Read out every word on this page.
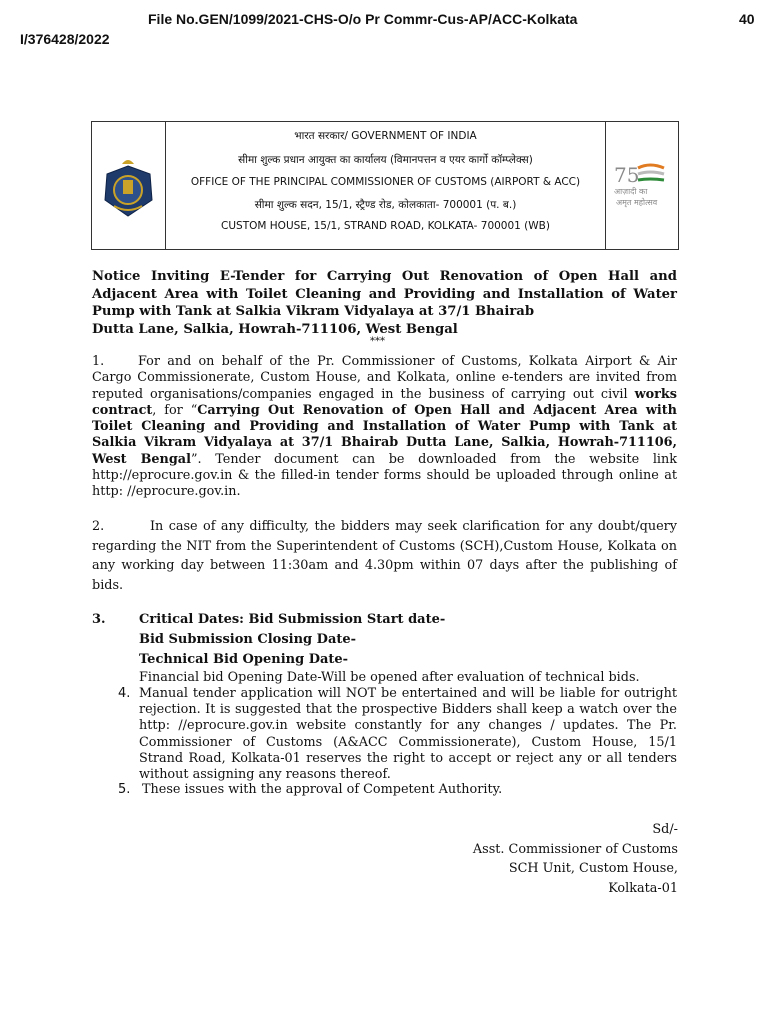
File No.GEN/1099/2021-CHS-O/o Pr Commr-Cus-AP/ACC-Kolkata	40
I/376428/2022
भारत सरकार/ GOVERNMENT OF INDIA
सीमा शुल्क प्रधान आयुक्त का कार्यालय (विमानपत्तन व एयर कार्गो कॉम्प्लेक्स)
OFFICE OF THE PRINCIPAL COMMISSIONER OF CUSTOMS (AIRPORT & ACC)
सीमा शुल्क सदन, 15/1, स्ट्रैण्ड रोड, कोलकाता- 700001 (प. ब.)
CUSTOM HOUSE, 15/1, STRAND ROAD, KOLKATA- 700001 (WB)
75
आज़ादी का
अमृत महोत्सव
Notice Inviting E-Tender for Carrying Out Renovation of Open Hall and Adjacent Area with Toilet Cleaning and Providing and Installation of Water Pump with Tank at Salkia Vikram Vidyalaya at 37/1 Bhairab
Dutta Lane, Salkia, Howrah-711106, West Bengal
***
1.	For and on behalf of the Pr. Commissioner of Customs, Kolkata Airport & Air Cargo Commissionerate, Custom House, and Kolkata, online e-tenders are invited from reputed organisations/companies engaged in the business of carrying out civil works contract, for “Carrying Out Renovation of Open Hall and Adjacent Area with Toilet Cleaning and Providing and Installation of Water Pump with Tank at Salkia Vikram Vidyalaya at 37/1 Bhairab Dutta Lane, Salkia, Howrah-711106, West Bengal”. Tender document can be downloaded from the website link http://eprocure.gov.in & the filled-in tender forms should be uploaded through online at http: //eprocure.gov.in.
2.	In case of any difficulty, the bidders may seek clarification for any doubt/query regarding the NIT from the Superintendent of Customs (SCH),Custom House, Kolkata on any working day between 11:30am and 4.30pm within 07 days after the publishing of bids.
3.	Critical Dates: Bid Submission Start date-
Bid Submission Closing Date-
Technical Bid Opening Date-
Financial bid Opening Date-Will be opened after evaluation of technical bids.
4. Manual tender application will NOT be entertained and will be liable for outright rejection. It is suggested that the prospective Bidders shall keep a watch over the http: //eprocure.gov.in website constantly for any changes / updates. The Pr. Commissioner of Customs (A&ACC Commissionerate), Custom House, 15/1 Strand Road, Kolkata-01 reserves the right to accept or reject any or all tenders without assigning any reasons thereof.
5. These issues with the approval of Competent Authority.
Sd/-
Asst. Commissioner of Customs
SCH Unit, Custom House,
Kolkata-01
